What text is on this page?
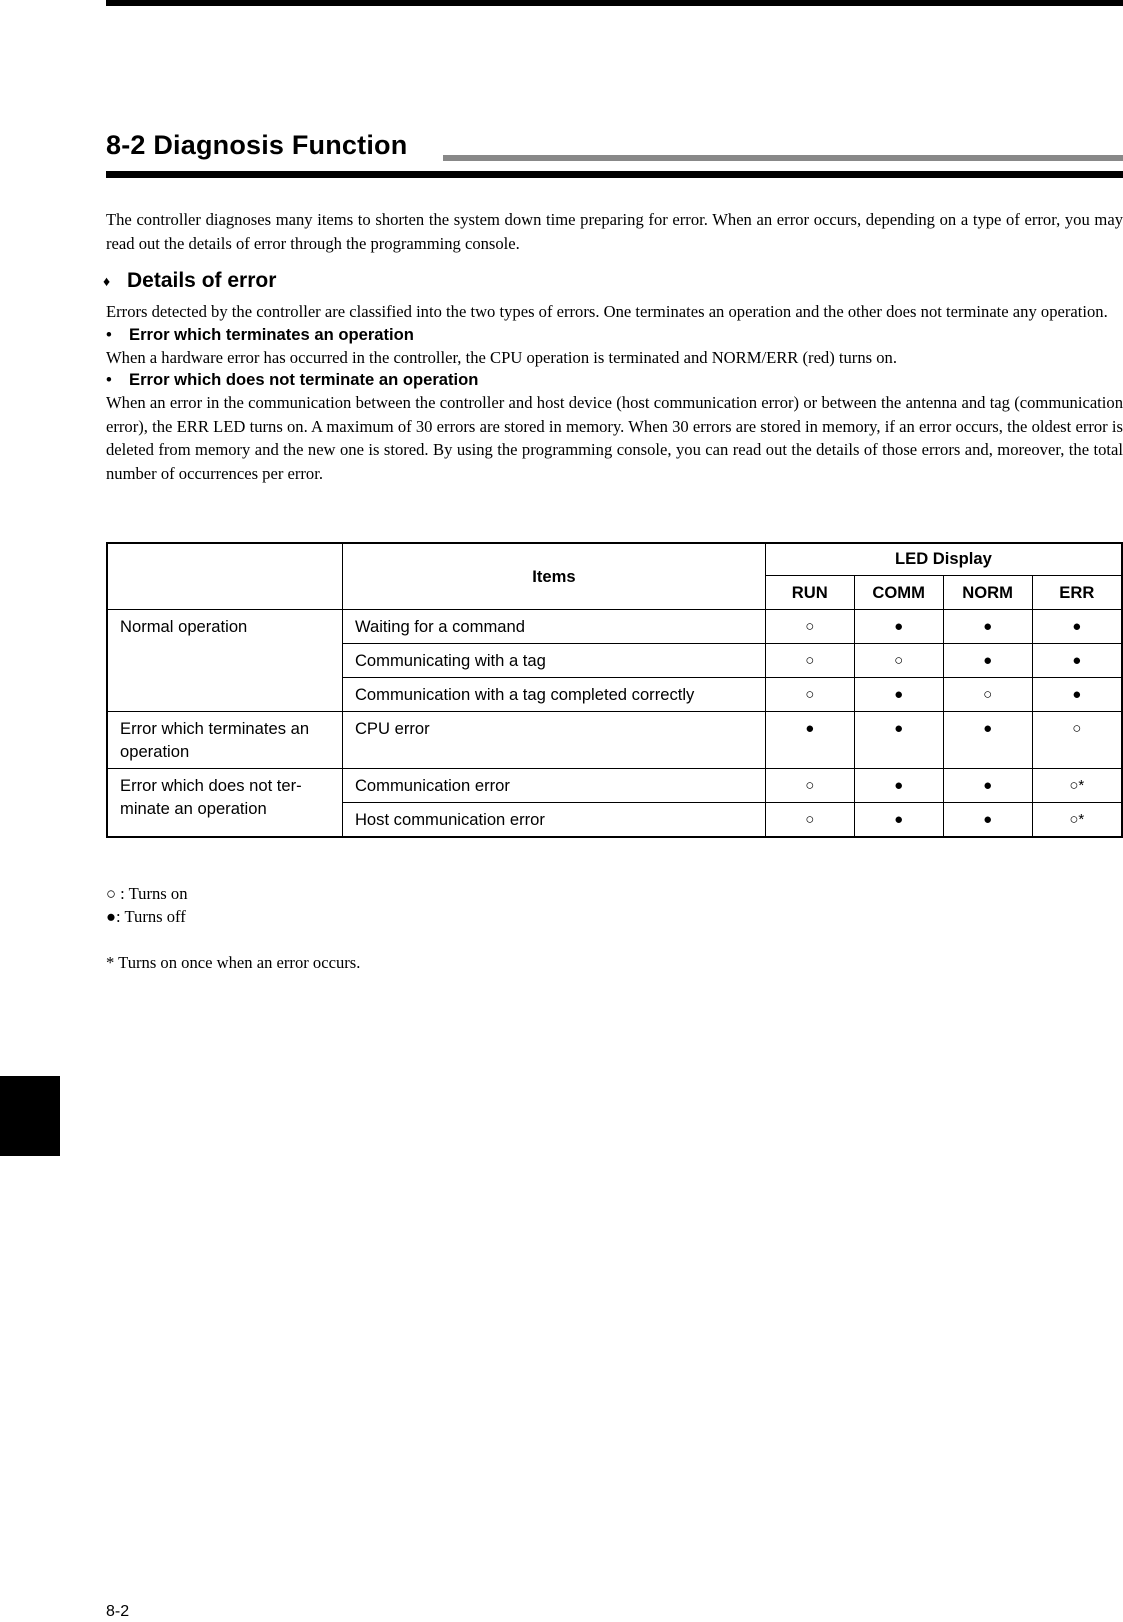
8-2 Diagnosis Function

The controller diagnoses many items to shorten the system down time preparing for error. When an error occurs, depending on a type of error, you may read out the details of error through the programming console.

♦ Details of error

Errors detected by the controller are classified into the two types of errors. One terminates an operation and the other does not terminate any operation.

• Error which terminates an operation

When a hardware error has occurred in the controller, the CPU operation is terminated and NORM/ERR (red) turns on.

• Error which does not terminate an operation

When an error in the communication between the controller and host device (host communication error) or between the antenna and tag (communication error), the ERR LED turns on. A maximum of 30 errors are stored in memory. When 30 errors are stored in memory, if an error occurs, the oldest error is deleted from memory and the new one is stored. By using the programming console, you can read out the details of those errors and, moreover, the total number of occurrences per error.

	Items	LED Display			
		RUN	COMM	NORM	ERR
Normal operation	Waiting for a command	○	●	●	●
	Communicating with a tag	○	○	●	●
	Communication with a tag completed correctly	○	●	○	●
Error which terminates an operation	CPU error	●	●	●	○
Error which does not ter-minate an operation	Communication error	○	●	●	○*
	Host communication error	○	●	●	○*
○ : Turns on
●: Turns off
* Turns on once when an error occurs.
8-2
